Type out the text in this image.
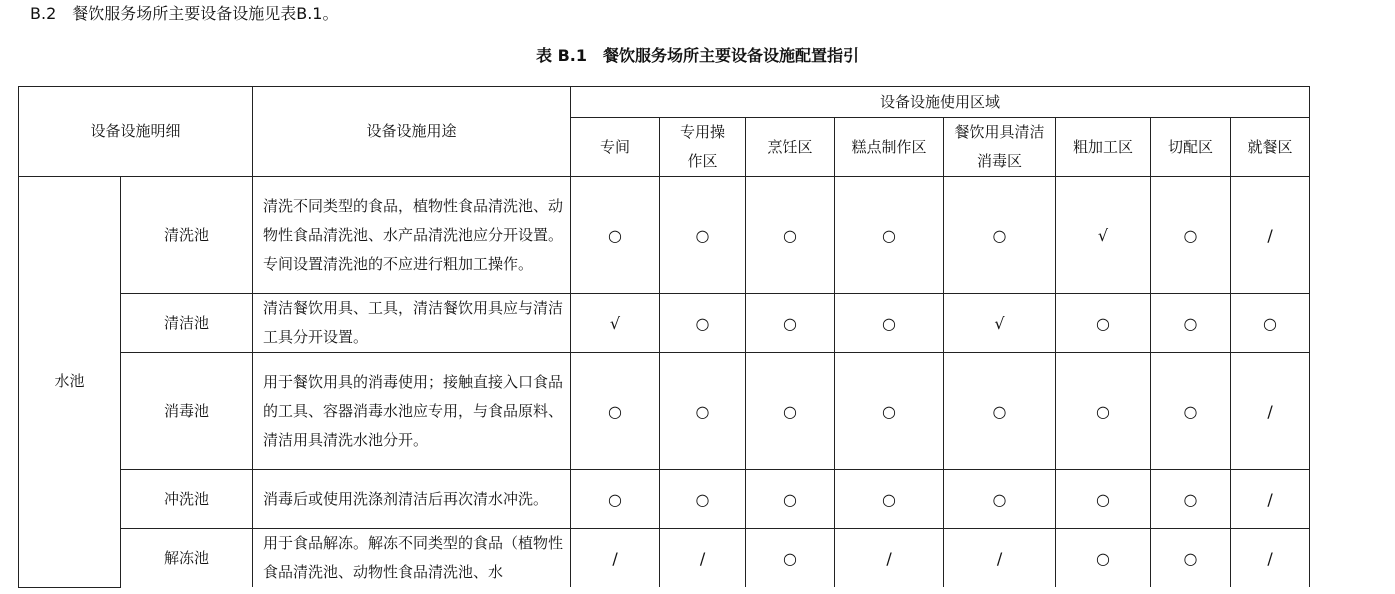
B.2　餐饮服务场所主要设备设施见表B.1。
表 B.1　餐饮服务场所主要设备设施配置指引
设备设施明细		设备设施用途	设备设施使用区域							
			专间	专用操作区	烹饪区	糕点制作区	餐饮用具清洁消毒区	粗加工区	切配区	就餐区
水池	清洗池	清洗不同类型的食品，植物性食品清洗池、动物性食品清洗池、水产品清洗池应分开设置。专间设置清洗池的不应进行粗加工操作。	○	○	○	○	○	√	○	/
	清洁池	清洁餐饮用具、工具，清洁餐饮用具应与清洁工具分开设置。	√	○	○	○	√	○	○	○
	消毒池	用于餐饮用具的消毒使用；接触直接入口食品的工具、容器消毒水池应专用，与食品原料、清洁用具清洗水池分开。	○	○	○	○	○	○	○	/
	冲洗池	消毒后或使用洗涤剂清洁后再次清水冲洗。	○	○	○	○	○	○	○	/
	解冻池	用于食品解冻。解冻不同类型的食品（植物性食品清洗池、动物性食品清洗池、水	/	/	○	/	/	○	○	/
